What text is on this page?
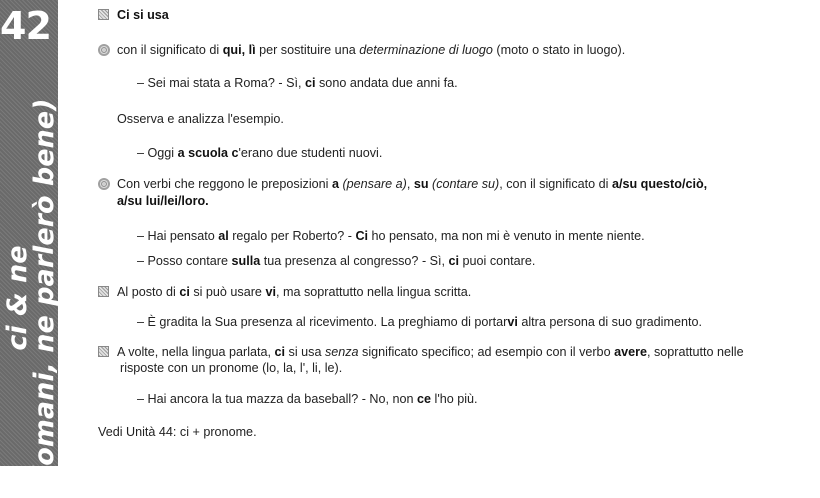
42
ci & ne
(domani, ne parlerò bene)
Ci si usa
con il significato di qui, lì per sostituire una determinazione di luogo (moto o stato in luogo).
– Sei mai stata a Roma? - Sì, ci sono andata due anni fa.
Osserva e analizza l'esempio.
– Oggi a scuola c'erano due studenti nuovi.
Con verbi che reggono le preposizioni a (pensare a), su (contare su), con il significato di a/su questo/ciò,
a/su lui/lei/loro.
– Hai pensato al regalo per Roberto? - Ci ho pensato, ma non mi è venuto in mente niente.
– Posso contare sulla tua presenza al congresso? - Sì, ci puoi contare.
Al posto di ci si può usare vi, ma soprattutto nella lingua scritta.
– È gradita la Sua presenza al ricevimento. La preghiamo di portarvi altra persona di suo gradimento.
A volte, nella lingua parlata, ci si usa senza significato specifico; ad esempio con il verbo avere, soprattutto nelle
risposte con un pronome (lo, la, l', li, le).
– Hai ancora la tua mazza da baseball? - No, non ce l'ho più.
Vedi Unità 44: ci + pronome.
